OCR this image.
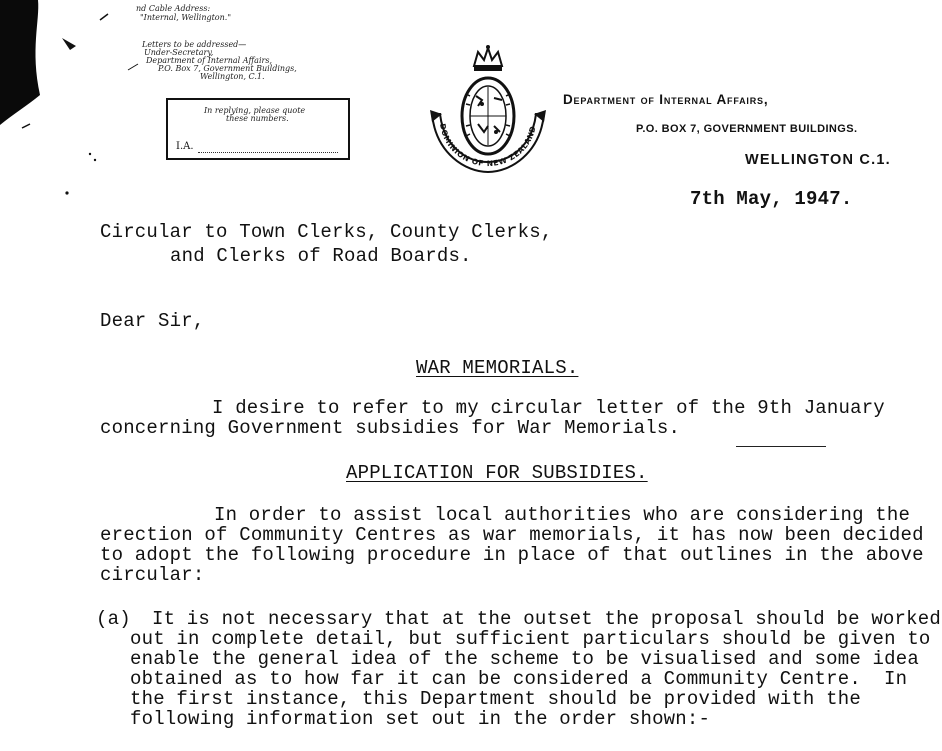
nd Cable Address:
"Internal, Wellington."
Letters to be addressed—
Under-Secretary,
Department of Internal Affairs,
P.O. Box 7, Government Buildings,
Wellington, C.1.
In replying, please quote
these numbers.
I.A.
DOMINION OF NEW ZEALAND
Department of Internal Affairs,
P.O. BOX 7, GOVERNMENT BUILDINGS.
WELLINGTON C.1.
7th May, 1947.
Circular to Town Clerks, County Clerks,
and Clerks of Road Boards.
Dear Sir,
WAR MEMORIALS.
I desire to refer to my circular letter of the 9th January
concerning Government subsidies for War Memorials.
APPLICATION FOR SUBSIDIES.
In order to assist local authorities who are considering the
erection of Community Centres as war memorials, it has now been decided
to adopt the following procedure in place of that outlines in the above
circular:
(a) It is not necessary that at the outset the proposal should be worked
out in complete detail, but sufficient particulars should be given to
enable the general idea of the scheme to be visualised and some idea
obtained as to how far it can be considered a Community Centre. In
the first instance, this Department should be provided with the
following information set out in the order shown:-
